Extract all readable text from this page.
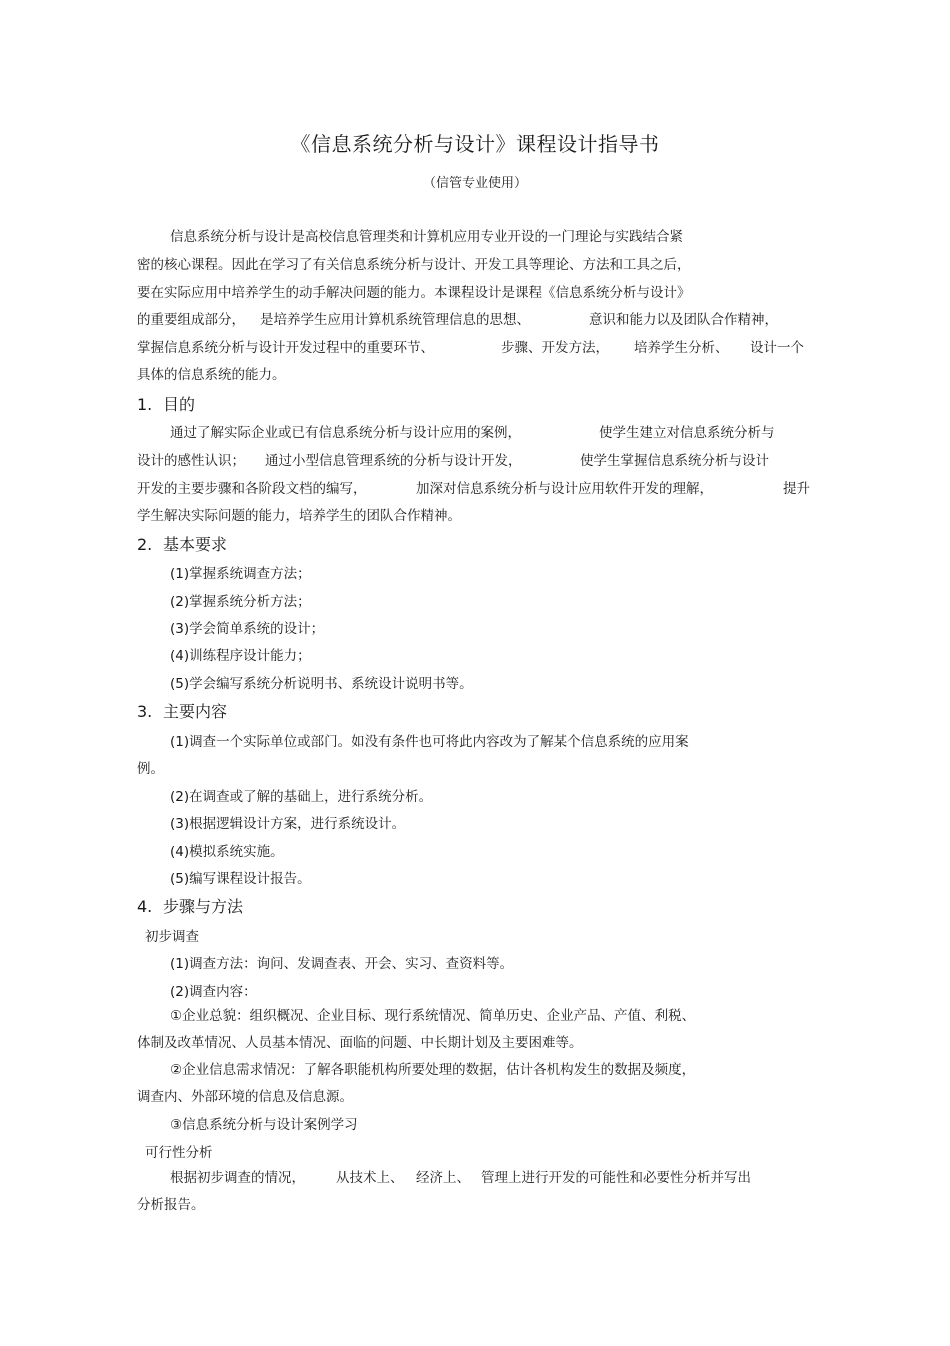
《信息系统分析与设计》课程设计指导书
（信管专业使用）
信息系统分析与设计是高校信息管理类和计算机应用专业开设的一门理论与实践结合紧
密的核心课程。因此在学习了有关信息系统分析与设计、开发工具等理论、方法和工具之后，
要在实际应用中培养学生的动手解决问题的能力。本课程设计是课程《信息系统分析与设计》
的重要组成部分， 是培养学生应用计算机系统管理信息的思想、	意识和能力以及团队合作精神，
掌握信息系统分析与设计开发过程中的重要环节、	步骤、开发方法， 培养学生分析、 设计一个
具体的信息系统的能力。
1. 目的
通过了解实际企业或已有信息系统分析与设计应用的案例，	使学生建立对信息系统分析与
设计的感性认识； 通过小型信息管理系统的分析与设计开发，	使学生掌握信息系统分析与设计
开发的主要步骤和各阶段文档的编写，	加深对信息系统分析与设计应用软件开发的理解，	提升
学生解决实际问题的能力，培养学生的团队合作精神。
2. 基本要求
(1)掌握系统调查方法；
(2)掌握系统分析方法；
(3)学会简单系统的设计；
(4)训练程序设计能力；
(5)学会编写系统分析说明书、系统设计说明书等。
3. 主要内容
(1)调查一个实际单位或部门。如没有条件也可将此内容改为了解某个信息系统的应用案
例。
(2)在调查或了解的基础上，进行系统分析。
(3)根据逻辑设计方案，进行系统设计。
(4)模拟系统实施。
(5)编写课程设计报告。
4. 步骤与方法
初步调查
(1)调查方法：询问、发调查表、开会、实习、查资料等。
(2)调查内容：
①企业总貌：组织概况、企业目标、现行系统情况、简单历史、企业产品、产值、利税、
体制及改革情况、人员基本情况、面临的问题、中长期计划及主要困难等。
②企业信息需求情况：了解各职能机构所要处理的数据，估计各机构发生的数据及频度，
调查内、外部环境的信息及信息源。
③信息系统分析与设计案例学习
可行性分析
根据初步调查的情况， 从技术上、 经济上、 管理上进行开发的可能性和必要性分析并写出
分析报告。
